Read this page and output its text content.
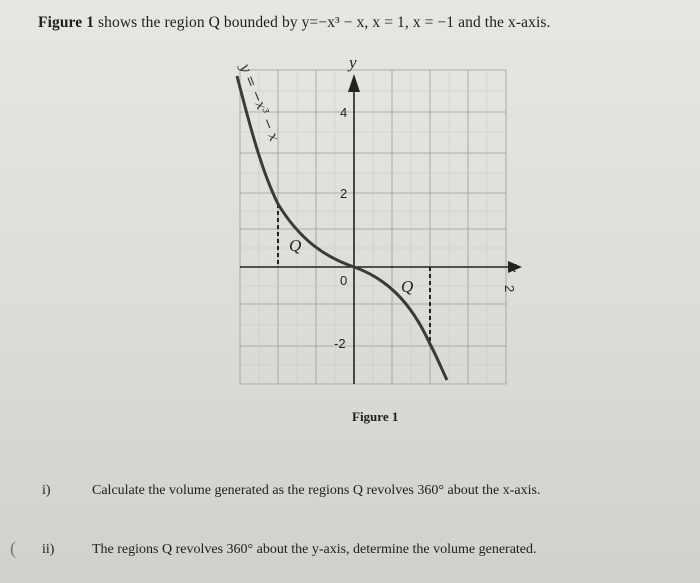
Figure 1 shows the region Q bounded by y=−x³ − x, x = 1, x = −1 and the x-axis.
4
2
0
-2
2
y
x
y = −x³ − x
Q
Q
Figure 1
i)	Calculate the volume generated as the regions Q revolves 360° about the x-axis.
( ii)	The regions Q revolves 360° about the y-axis, determine the volume generated.
